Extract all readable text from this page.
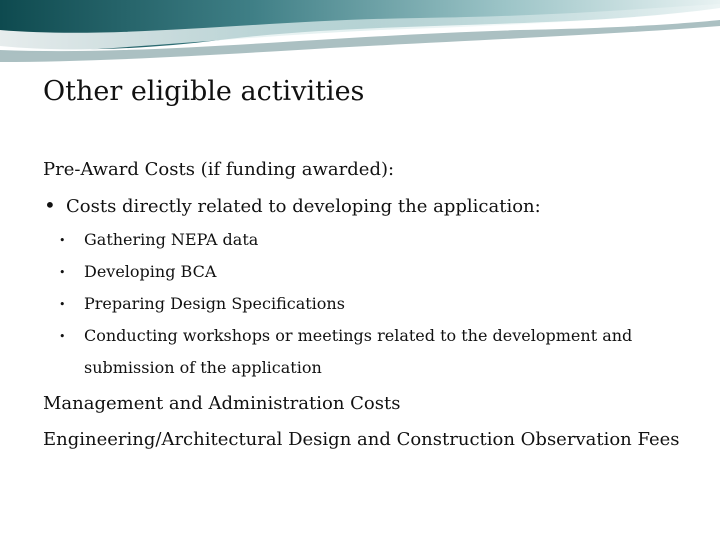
Other eligible activities
Pre-Award Costs (if funding awarded):
• Costs directly related to developing the application:
• Gathering NEPA data
• Developing BCA
• Preparing Design Specifications
• Conducting workshops or meetings related to the development and
submission of the application
Management and Administration Costs
Engineering/Architectural Design and Construction Observation Fees
